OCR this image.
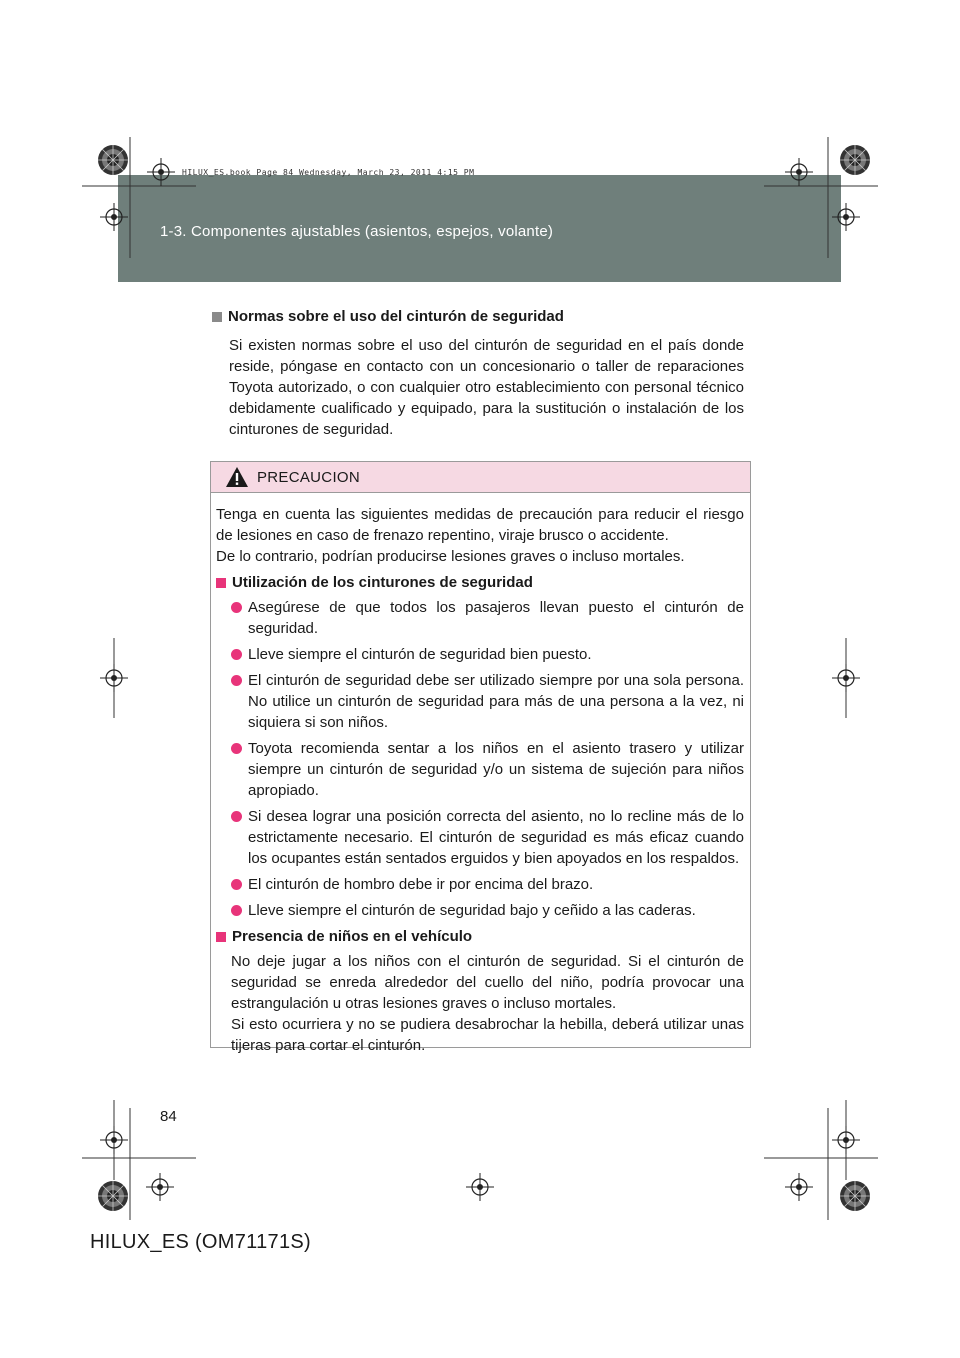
1-3. Componentes ajustables (asientos, espejos, volante)
HILUX_ES.book Page 84 Wednesday, March 23, 2011 4:15 PM
Normas sobre el uso del cinturón de seguridad

Si existen normas sobre el uso del cinturón de seguridad en el país donde reside, póngase en contacto con un concesionario o taller de reparaciones Toyota autorizado, o con cualquier otro establecimiento con personal técnico debidamente cualificado y equipado, para la sustitución o instalación de los cinturones de seguridad.

PRECAUCION

Tenga en cuenta las siguientes medidas de precaución para reducir el riesgo de lesiones en caso de frenazo repentino, viraje brusco o accidente.

De lo contrario, podrían producirse lesiones graves o incluso mortales.

Utilización de los cinturones de seguridad
Asegúrese de que todos los pasajeros llevan puesto el cinturón de seguridad.
Lleve siempre el cinturón de seguridad bien puesto.
El cinturón de seguridad debe ser utilizado siempre por una sola persona. No utilice un cinturón de seguridad para más de una persona a la vez, ni siquiera si son niños.
Toyota recomienda sentar a los niños en el asiento trasero y utilizar siempre un cinturón de seguridad y/o un sistema de sujeción para niños apropiado.
Si desea lograr una posición correcta del asiento, no lo recline más de lo estrictamente necesario. El cinturón de seguridad es más eficaz cuando los ocupantes están sentados erguidos y bien apoyados en los respaldos.
El cinturón de hombro debe ir por encima del brazo.
Lleve siempre el cinturón de seguridad bajo y ceñido a las caderas.
Presencia de niños en el vehículo

No deje jugar a los niños con el cinturón de seguridad. Si el cinturón de seguridad se enreda alrededor del cuello del niño, podría provocar una estrangulación u otras lesiones graves o incluso mortales.

Si esto ocurriera y no se pudiera desabrochar la hebilla, deberá utilizar unas tijeras para cortar el cinturón.

84
HILUX_ES (OM71171S)
